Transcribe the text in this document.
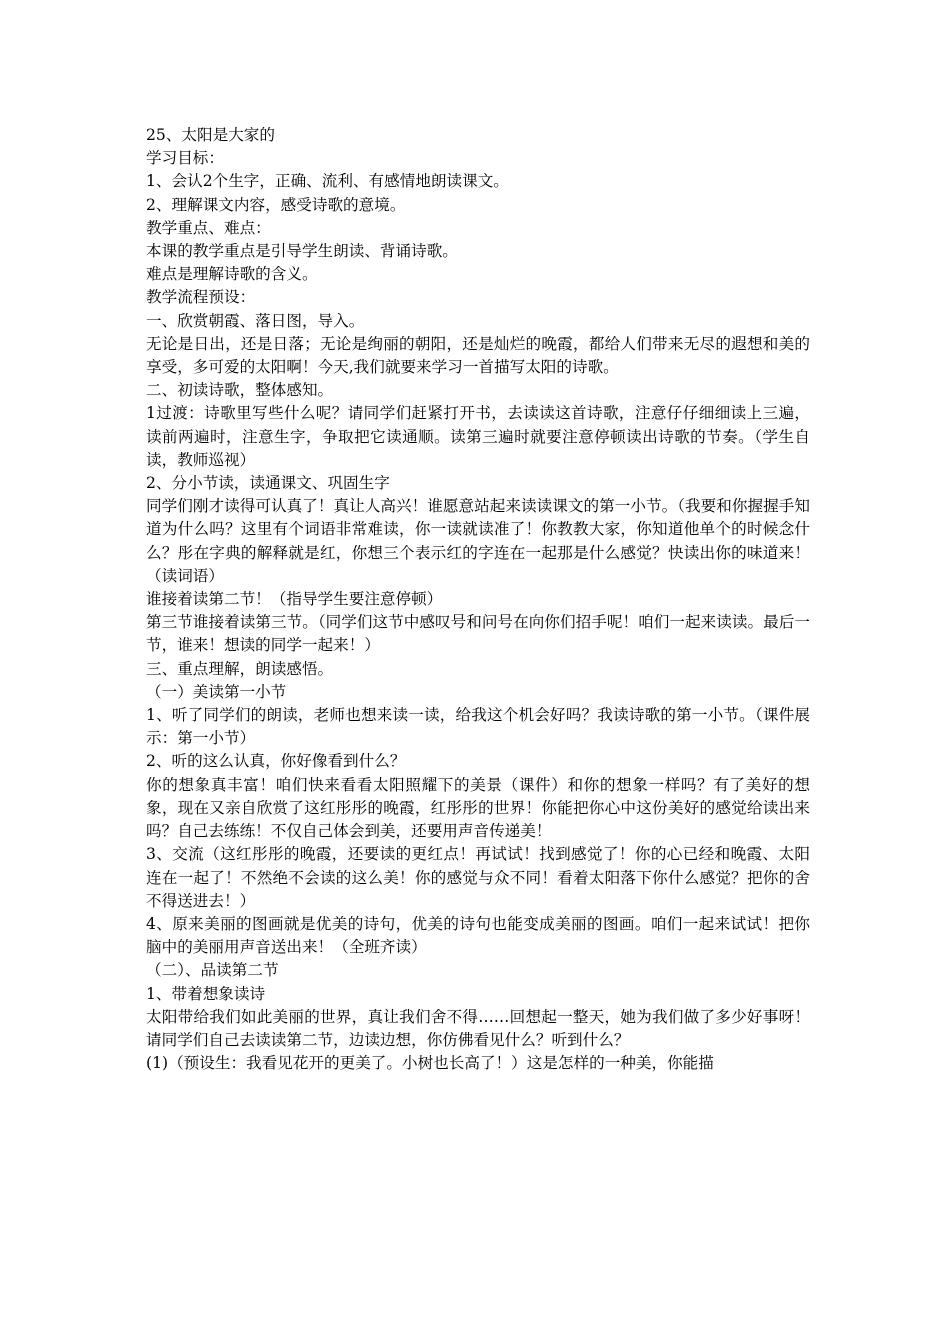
25、太阳是大家的

学习目标：

1、会认2个生字，正确、流利、有感情地朗读课文。

2、理解课文内容，感受诗歌的意境。

教学重点、难点：

本课的教学重点是引导学生朗读、背诵诗歌。

难点是理解诗歌的含义。

教学流程预设：

一、欣赏朝霞、落日图，导入。

无论是日出，还是日落；无论是绚丽的朝阳，还是灿烂的晚霞，都给人们带来无尽的遐想和美的享受，多可爱的太阳啊！今天,我们就要来学习一首描写太阳的诗歌。

二、初读诗歌，整体感知。

1过渡：诗歌里写些什么呢？请同学们赶紧打开书，去读读这首诗歌，注意仔仔细细读上三遍，读前两遍时，注意生字，争取把它读通顺。读第三遍时就要注意停顿读出诗歌的节奏。（学生自读，教师巡视）

2、分小节读，读通课文、巩固生字

同学们刚才读得可认真了！真让人高兴！谁愿意站起来读读课文的第一小节。（我要和你握握手知道为什么吗？这里有个词语非常难读，你一读就读准了！你教教大家，你知道他单个的时候念什么？彤在字典的解释就是红，你想三个表示红的字连在一起那是什么感觉？快读出你的味道来！（读词语）

谁接着读第二节！（指导学生要注意停顿）

第三节谁接着读第三节。（同学们这节中感叹号和问号在向你们招手呢！咱们一起来读读。最后一节，谁来！想读的同学一起来！）

三、重点理解，朗读感悟。

（一）美读第一小节

1、听了同学们的朗读，老师也想来读一读，给我这个机会好吗？我读诗歌的第一小节。（课件展示：第一小节）

2、听的这么认真，你好像看到什么？

你的想象真丰富！咱们快来看看太阳照耀下的美景（课件）和你的想象一样吗？有了美好的想象，现在又亲自欣赏了这红彤彤的晚霞，红彤彤的世界！你能把你心中这份美好的感觉给读出来吗？自己去练练！不仅自己体会到美，还要用声音传递美！

3、交流（这红彤彤的晚霞，还要读的更红点！再试试！找到感觉了！你的心已经和晚霞、太阳连在一起了！不然绝不会读的这么美！你的感觉与众不同！看着太阳落下你什么感觉？把你的舍不得送进去！）

4、原来美丽的图画就是优美的诗句，优美的诗句也能变成美丽的图画。咱们一起来试试！把你脑中的美丽用声音送出来！（全班齐读）

（二）、品读第二节

1、带着想象读诗

太阳带给我们如此美丽的世界，真让我们舍不得……回想起一整天，她为我们做了多少好事呀！请同学们自己去读读第二节，边读边想，你仿佛看见什么？听到什么？

(1)（预设生：我看见花开的更美了。小树也长高了！）这是怎样的一种美，你能描
